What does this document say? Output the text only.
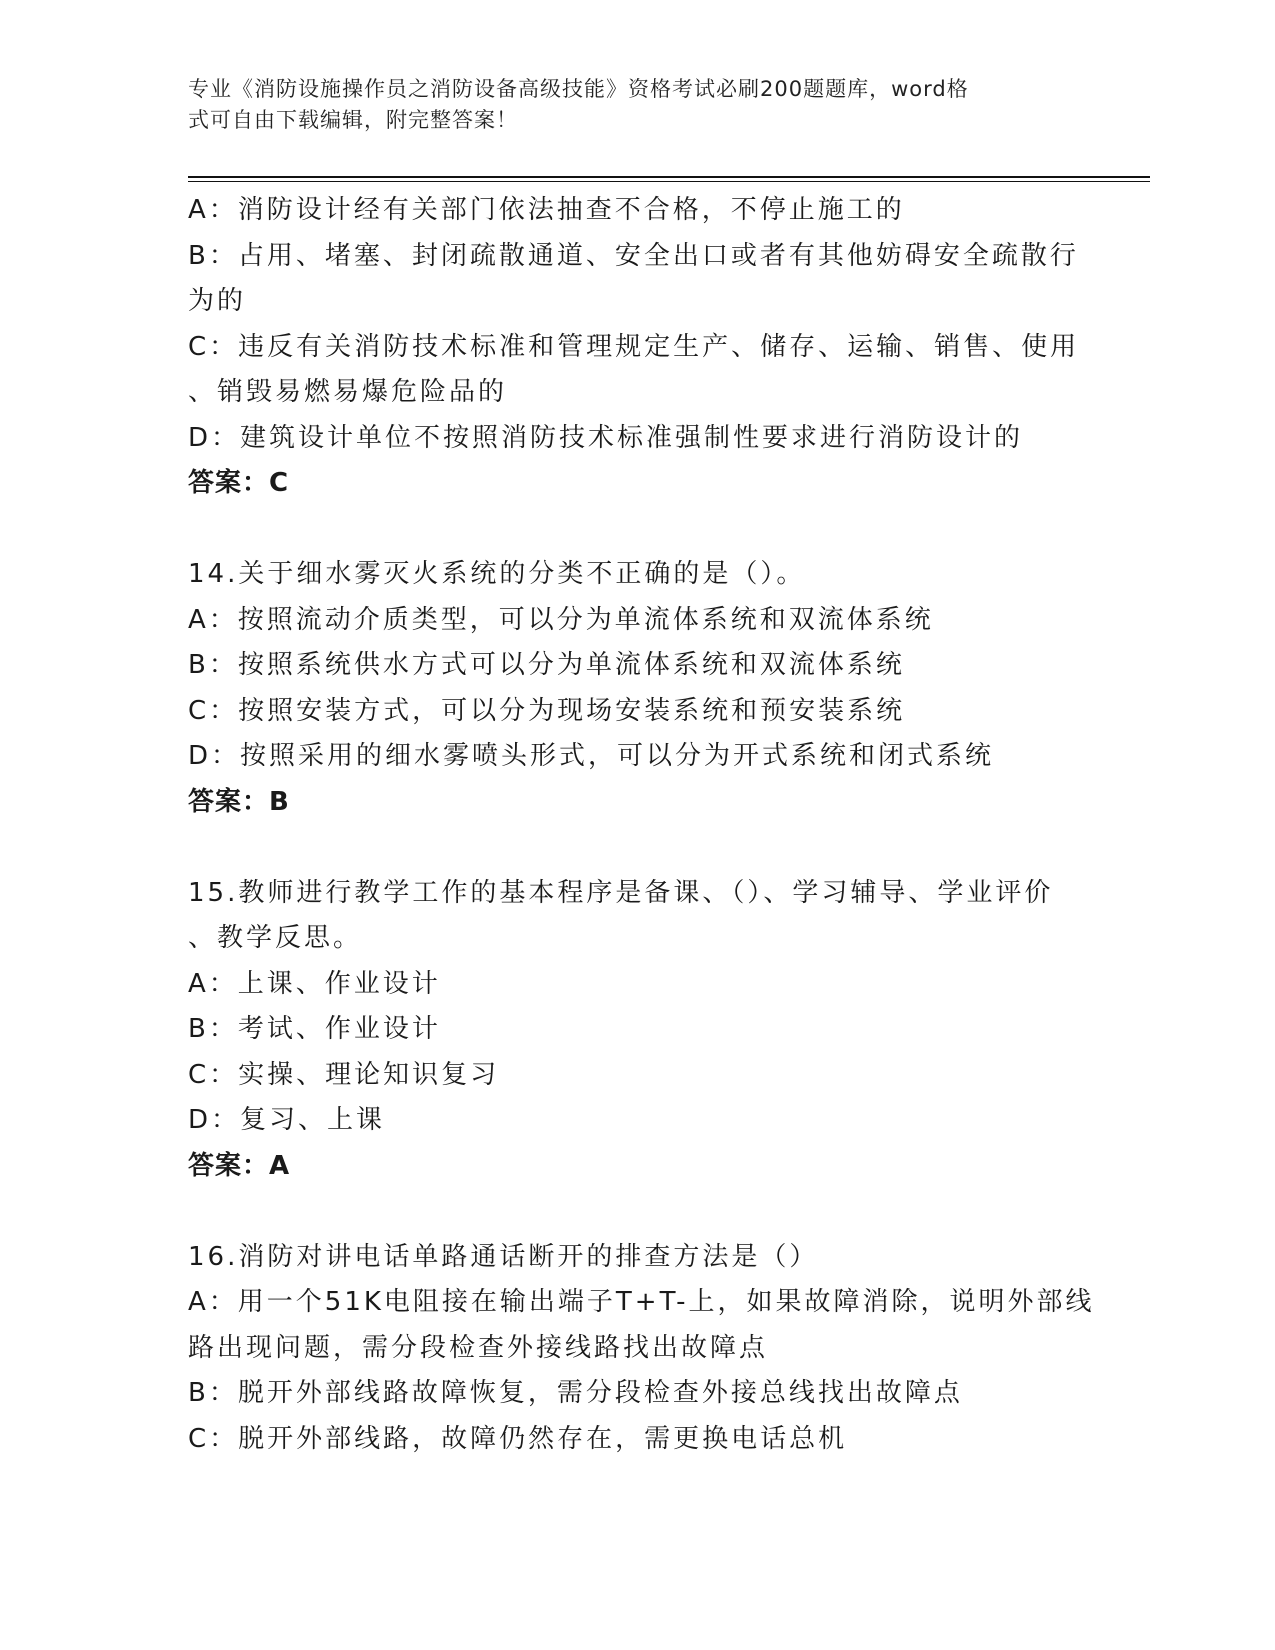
专业《消防设施操作员之消防设备高级技能》资格考试必刷200题题库，word格
式可自由下载编辑，附完整答案！
A：消防设计经有关部门依法抽查不合格，不停止施工的
B：占用、堵塞、封闭疏散通道、安全出口或者有其他妨碍安全疏散行
为的
C：违反有关消防技术标准和管理规定生产、储存、运输、销售、使用
、销毁易燃易爆危险品的
D：建筑设计单位不按照消防技术标准强制性要求进行消防设计的
答案：C
14.关于细水雾灭火系统的分类不正确的是（）。
A：按照流动介质类型，可以分为单流体系统和双流体系统
B：按照系统供水方式可以分为单流体系统和双流体系统
C：按照安装方式，可以分为现场安装系统和预安装系统
D：按照采用的细水雾喷头形式，可以分为开式系统和闭式系统
答案：B
15.教师进行教学工作的基本程序是备课、（）、学习辅导、学业评价
、教学反思。
A：上课、作业设计
B：考试、作业设计
C：实操、理论知识复习
D：复习、上课
答案：A
16.消防对讲电话单路通话断开的排查方法是（）
A：用一个51K电阻接在输出端子T+T-上，如果故障消除，说明外部线
路出现问题，需分段检查外接线路找出故障点
B：脱开外部线路故障恢复，需分段检查外接总线找出故障点
C：脱开外部线路，故障仍然存在，需更换电话总机
